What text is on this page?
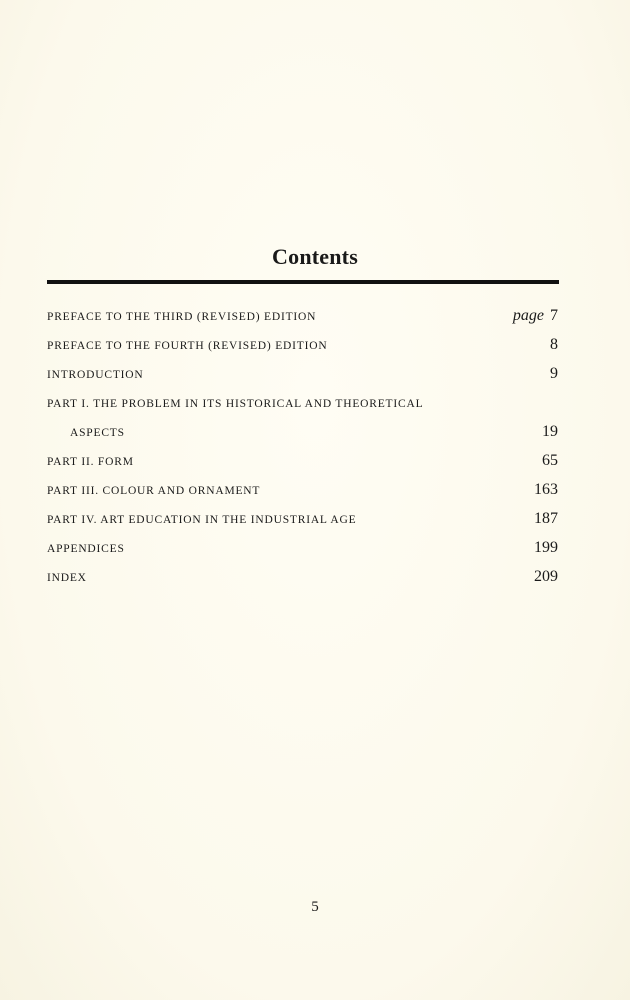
Contents
PREFACE TO THE THIRD (REVISED) EDITION	page 7
PREFACE TO THE FOURTH (REVISED) EDITION	8
INTRODUCTION	9
PART I. THE PROBLEM IN ITS HISTORICAL AND THEORETICAL
ASPECTS	19
PART II. FORM	65
PART III. COLOUR AND ORNAMENT	163
PART IV. ART EDUCATION IN THE INDUSTRIAL AGE	187
APPENDICES	199
INDEX	209
5
